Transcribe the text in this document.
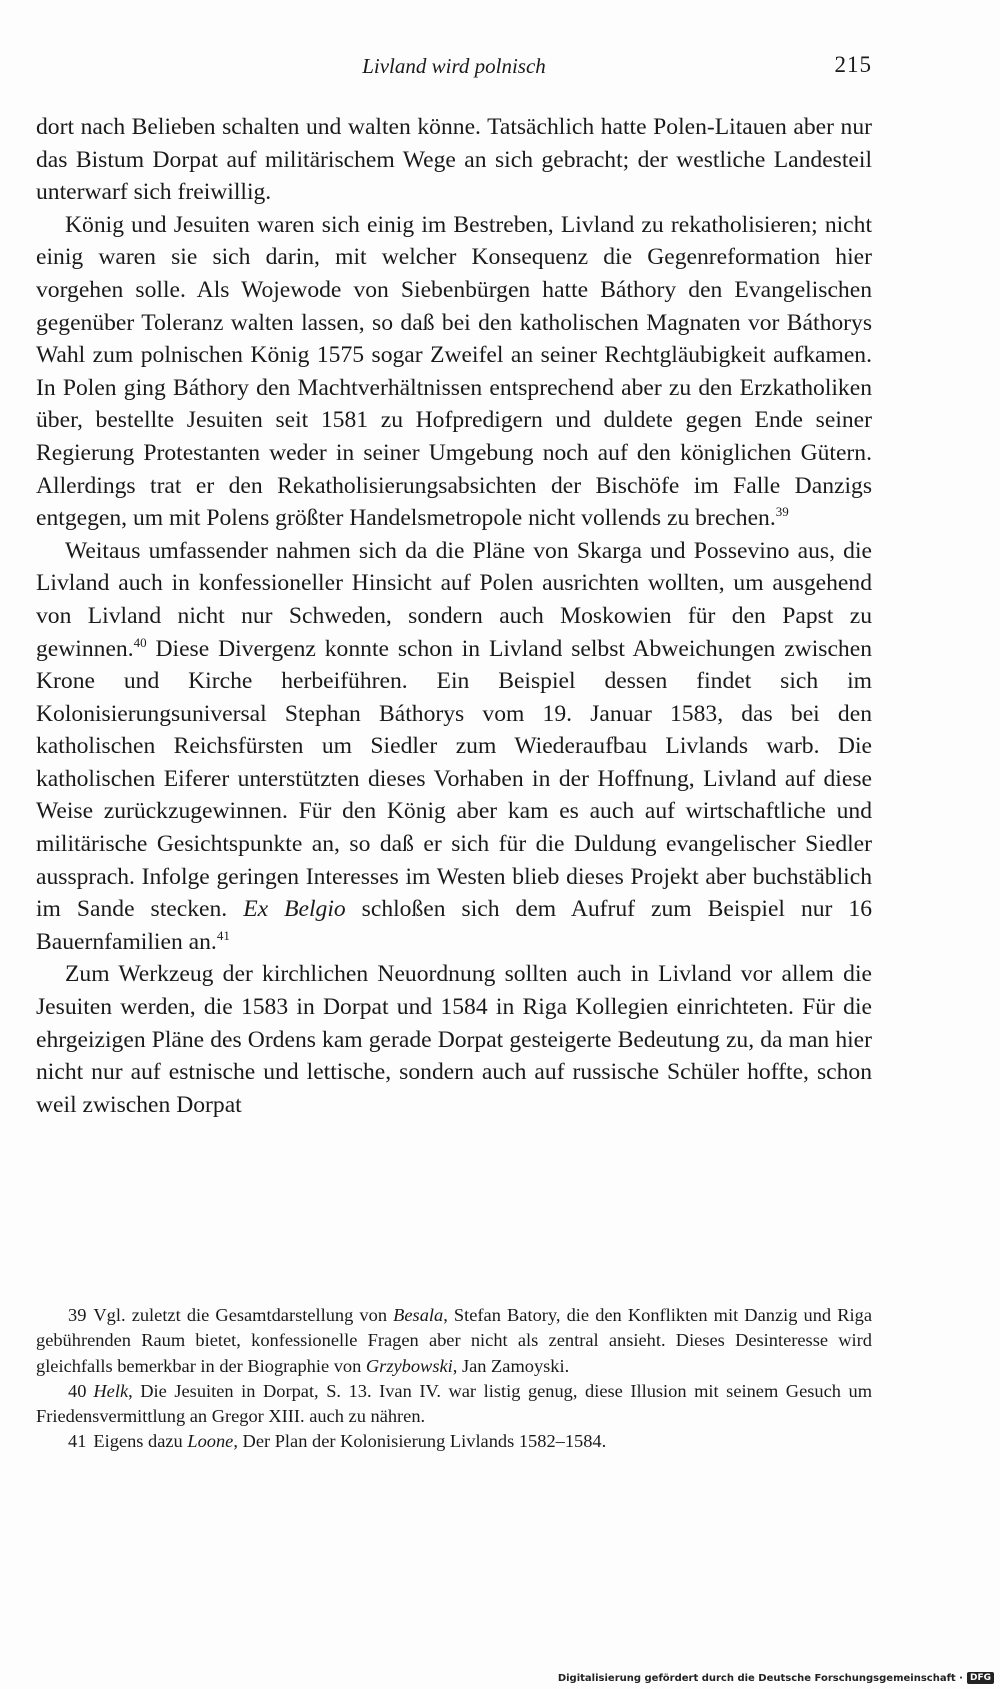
Livland wird polnisch	215

dort nach Belieben schalten und walten könne. Tatsächlich hatte Polen-Litauen aber nur das Bistum Dorpat auf militärischem Wege an sich gebracht; der westliche Landesteil unterwarf sich freiwillig.

König und Jesuiten waren sich einig im Bestreben, Livland zu rekatholisieren; nicht einig waren sie sich darin, mit welcher Konsequenz die Gegenreformation hier vorgehen solle. Als Wojewode von Siebenbürgen hatte Báthory den Evangelischen gegenüber Toleranz walten lassen, so daß bei den katholischen Magnaten vor Báthorys Wahl zum polnischen König 1575 sogar Zweifel an seiner Rechtgläubigkeit aufkamen. In Polen ging Báthory den Machtverhältnissen entsprechend aber zu den Erzkatholiken über, bestellte Jesuiten seit 1581 zu Hofpredigern und duldete gegen Ende seiner Regierung Protestanten weder in seiner Umgebung noch auf den königlichen Gütern. Allerdings trat er den Rekatholisierungsabsichten der Bischöfe im Falle Danzigs entgegen, um mit Polens größter Handelsmetropole nicht vollends zu brechen.$^{39}$

Weitaus umfassender nahmen sich da die Pläne von Skarga und Possevino aus, die Livland auch in konfessioneller Hinsicht auf Polen ausrichten wollten, um ausgehend von Livland nicht nur Schweden, sondern auch Moskowien für den Papst zu gewinnen.$^{40}$ Diese Divergenz konnte schon in Livland selbst Abweichungen zwischen Krone und Kirche herbeiführen. Ein Beispiel dessen findet sich im Kolonisierungsuniversal Stephan Báthorys vom 19. Januar 1583, das bei den katholischen Reichsfürsten um Siedler zum Wiederaufbau Livlands warb. Die katholischen Eiferer unterstützten dieses Vorhaben in der Hoffnung, Livland auf diese Weise zurückzugewinnen. Für den König aber kam es auch auf wirtschaftliche und militärische Gesichtspunkte an, so daß er sich für die Duldung evangelischer Siedler aussprach. Infolge geringen Interesses im Westen blieb dieses Projekt aber buchstäblich im Sande stecken. Ex Belgio schloßen sich dem Aufruf zum Beispiel nur 16 Bauernfamilien an.$^{41}$

Zum Werkzeug der kirchlichen Neuordnung sollten auch in Livland vor allem die Jesuiten werden, die 1583 in Dorpat und 1584 in Riga Kollegien einrichteten. Für die ehrgeizigen Pläne des Ordens kam gerade Dorpat gesteigerte Bedeutung zu, da man hier nicht nur auf estnische und lettische, sondern auch auf russische Schüler hoffte, schon weil zwischen Dorpat

39 Vgl. zuletzt die Gesamtdarstellung von Besala, Stefan Batory, die den Konflikten mit Danzig und Riga gebührenden Raum bietet, konfessionelle Fragen aber nicht als zentral ansieht. Dieses Desinteresse wird gleichfalls bemerkbar in der Biographie von Grzybowski, Jan Zamoyski.

40 Helk, Die Jesuiten in Dorpat, S. 13. Ivan IV. war listig genug, diese Illusion mit seinem Gesuch um Friedensvermittlung an Gregor XIII. auch zu nähren.

41 Eigens dazu Loone, Der Plan der Kolonisierung Livlands 1582–1584.

Digitalisierung gefördert durch die Deutsche Forschungsgemeinschaft · DFG
